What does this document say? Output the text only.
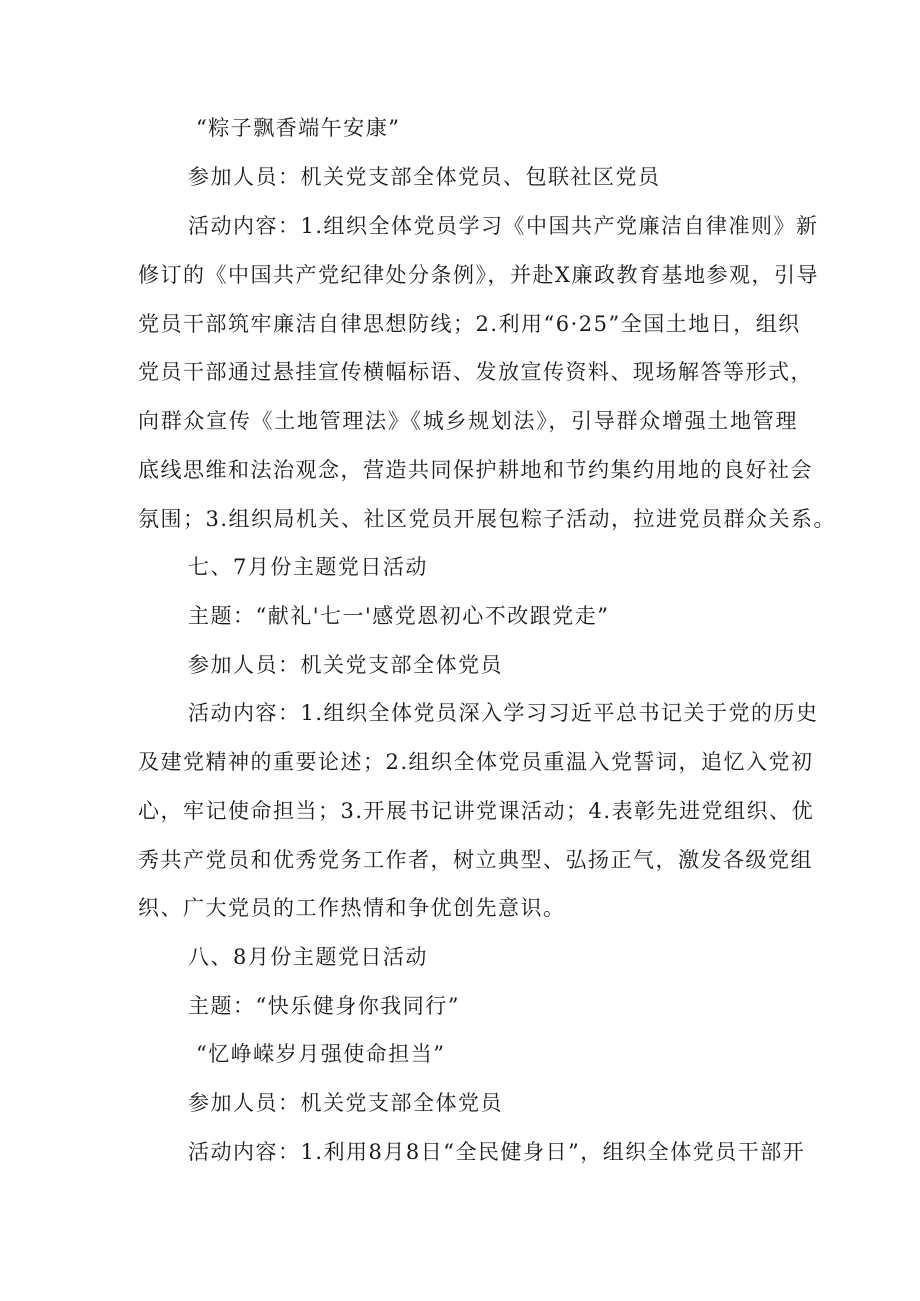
“粽子飘香端午安康”
参加人员：机关党支部全体党员、包联社区党员
活动内容：1.组织全体党员学习《中国共产党廉洁自律准则》新
修订的《中国共产党纪律处分条例》，并赴X廉政教育基地参观，引导
党员干部筑牢廉洁自律思想防线；2.利用“6·25”全国土地日，组织
党员干部通过悬挂宣传横幅标语、发放宣传资料、现场解答等形式，
向群众宣传《土地管理法》《城乡规划法》，引导群众增强土地管理
底线思维和法治观念，营造共同保护耕地和节约集约用地的良好社会
氛围；3.组织局机关、社区党员开展包粽子活动，拉进党员群众关系。
七、7月份主题党日活动
主题：“献礼'七一'感党恩初心不改跟党走”
参加人员：机关党支部全体党员
活动内容：1.组织全体党员深入学习习近平总书记关于党的历史
及建党精神的重要论述；2.组织全体党员重温入党誓词，追忆入党初
心，牢记使命担当；3.开展书记讲党课活动；4.表彰先进党组织、优
秀共产党员和优秀党务工作者，树立典型、弘扬正气，激发各级党组
织、广大党员的工作热情和争优创先意识。
八、8月份主题党日活动
主题：“快乐健身你我同行”
“忆峥嵘岁月强使命担当”
参加人员：机关党支部全体党员
活动内容：1.利用8月8日“全民健身日”，组织全体党员干部开
